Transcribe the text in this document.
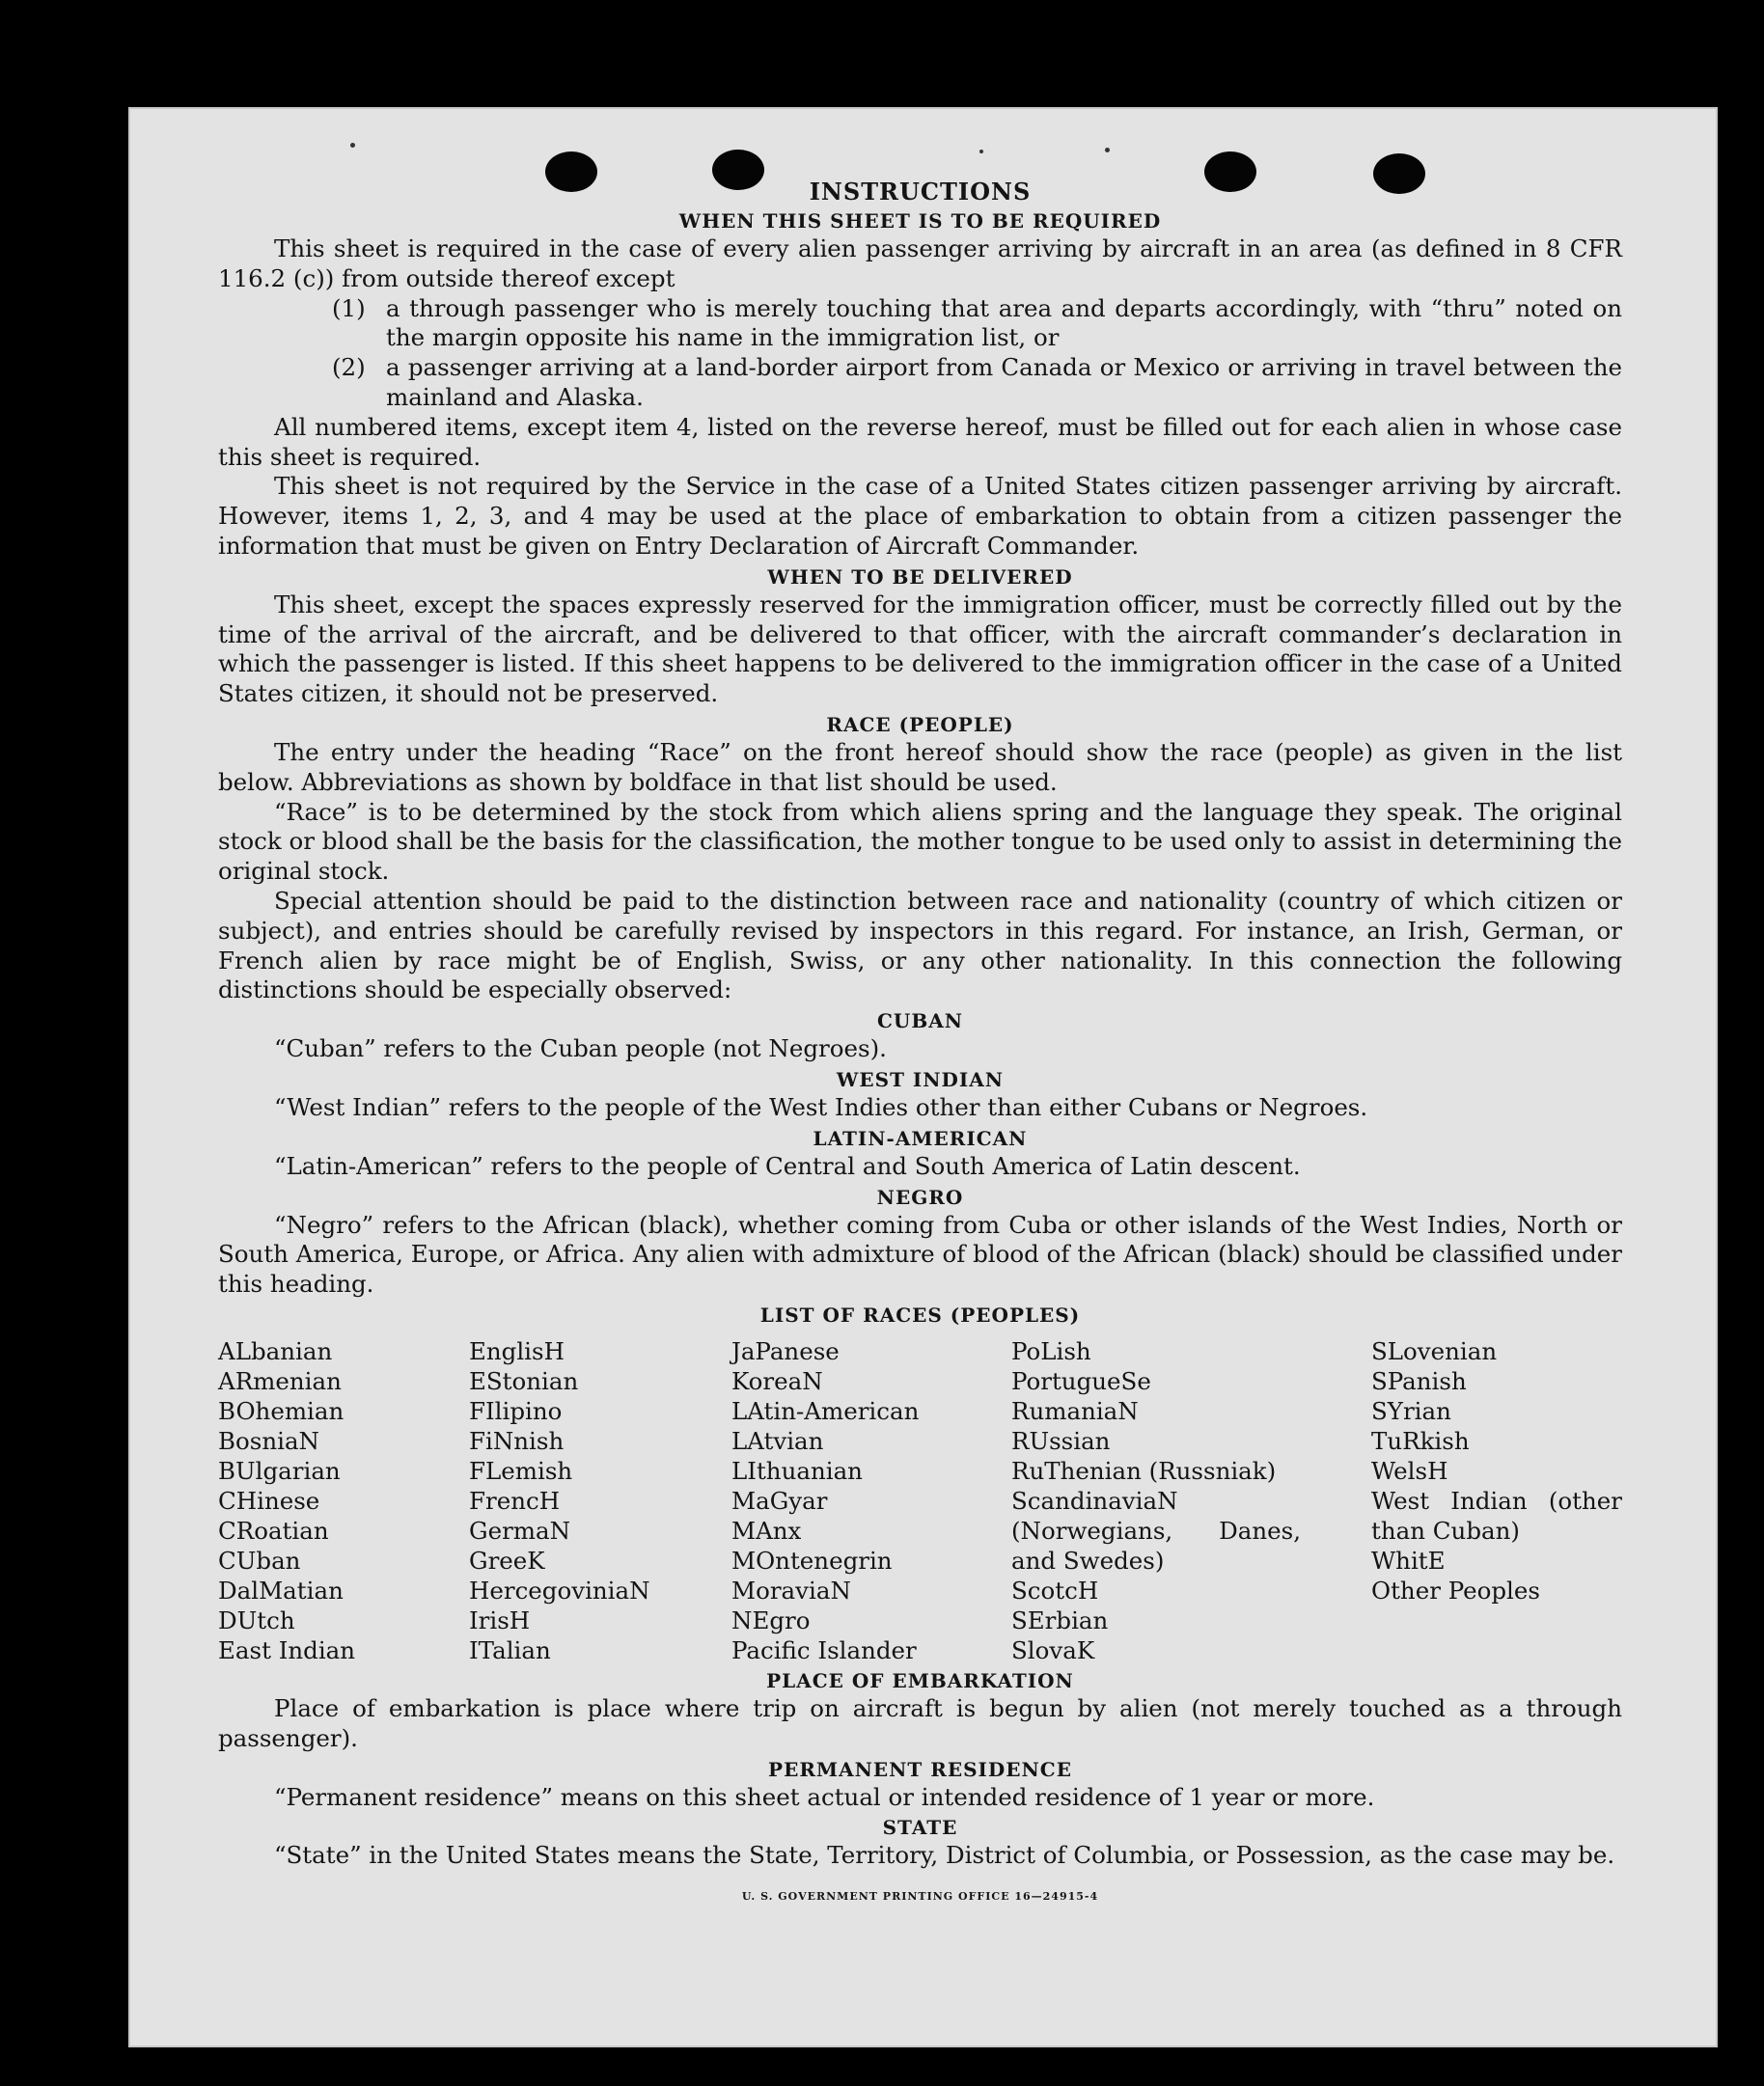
INSTRUCTIONS
WHEN THIS SHEET IS TO BE REQUIRED

This sheet is required in the case of every alien passenger arriving by aircraft in an area (as defined in 8 CFR 116.2 (c)) from outside thereof except

(1) a through passenger who is merely touching that area and departs accordingly, with “thru” noted on the margin opposite his name in the immigration list, or
(2) a passenger arriving at a land-border airport from Canada or Mexico or arriving in travel between the mainland and Alaska.

All numbered items, except item 4, listed on the reverse hereof, must be filled out for each alien in whose case this sheet is required.

This sheet is not required by the Service in the case of a United States citizen passenger arriving by aircraft. However, items 1, 2, 3, and 4 may be used at the place of embarkation to obtain from a citizen passenger the information that must be given on Entry Declaration of Aircraft Commander.

WHEN TO BE DELIVERED

This sheet, except the spaces expressly reserved for the immigration officer, must be correctly filled out by the time of the arrival of the aircraft, and be delivered to that officer, with the aircraft commander’s declaration in which the passenger is listed. If this sheet happens to be delivered to the immigration officer in the case of a United States citizen, it should not be preserved.

RACE (PEOPLE)

The entry under the heading “Race” on the front hereof should show the race (people) as given in the list below. Abbreviations as shown by boldface in that list should be used.

“Race” is to be determined by the stock from which aliens spring and the language they speak. The original stock or blood shall be the basis for the classification, the mother tongue to be used only to assist in determining the original stock.

Special attention should be paid to the distinction between race and nationality (country of which citizen or subject), and entries should be carefully revised by inspectors in this regard. For instance, an Irish, German, or French alien by race might be of English, Swiss, or any other nationality. In this connection the following distinctions should be especially observed:

CUBAN

“Cuban” refers to the Cuban people (not Negroes).

WEST INDIAN

“West Indian” refers to the people of the West Indies other than either Cubans or Negroes.

LATIN-AMERICAN

“Latin-American” refers to the people of Central and South America of Latin descent.

NEGRO

“Negro” refers to the African (black), whether coming from Cuba or other islands of the West Indies, North or South America, Europe, or Africa. Any alien with admixture of blood of the African (black) should be classified under this heading.

LIST OF RACES (PEOPLES)
ALbanian
ARmenian
BOhemian
BosniaN
BUlgarian
CHinese
CRoatian
CUban
DalMatian
DUtch
East Indian
EnglisH
EStonian
FIlipino
FiNnish
FLemish
FrencH
GermaN
GreeK
HercegoviniaN
IrisH
ITalian
JaPanese
KoreaN
LAtin-American
LAtvian
LIthuanian
MaGyar
MAnx
MOntenegrin
MoraviaN
NEgro
Pacific Islander
PoLish
PortugueSe
RumaniaN
RUssian
RuThenian (Russniak)
ScandinaviaN (Norwegians, Danes, and Swedes)
ScotcH
SErbian
SlovaK
SLovenian
SPanish
SYrian
TuRkish
WelsH
West Indian (other than Cuban)
WhitE
Other Peoples
PLACE OF EMBARKATION

Place of embarkation is place where trip on aircraft is begun by alien (not merely touched as a through passenger).

PERMANENT RESIDENCE

“Permanent residence” means on this sheet actual or intended residence of 1 year or more.

STATE

“State” in the United States means the State, Territory, District of Columbia, or Possession, as the case may be.

U. S. GOVERNMENT PRINTING OFFICE 16—24915-4
